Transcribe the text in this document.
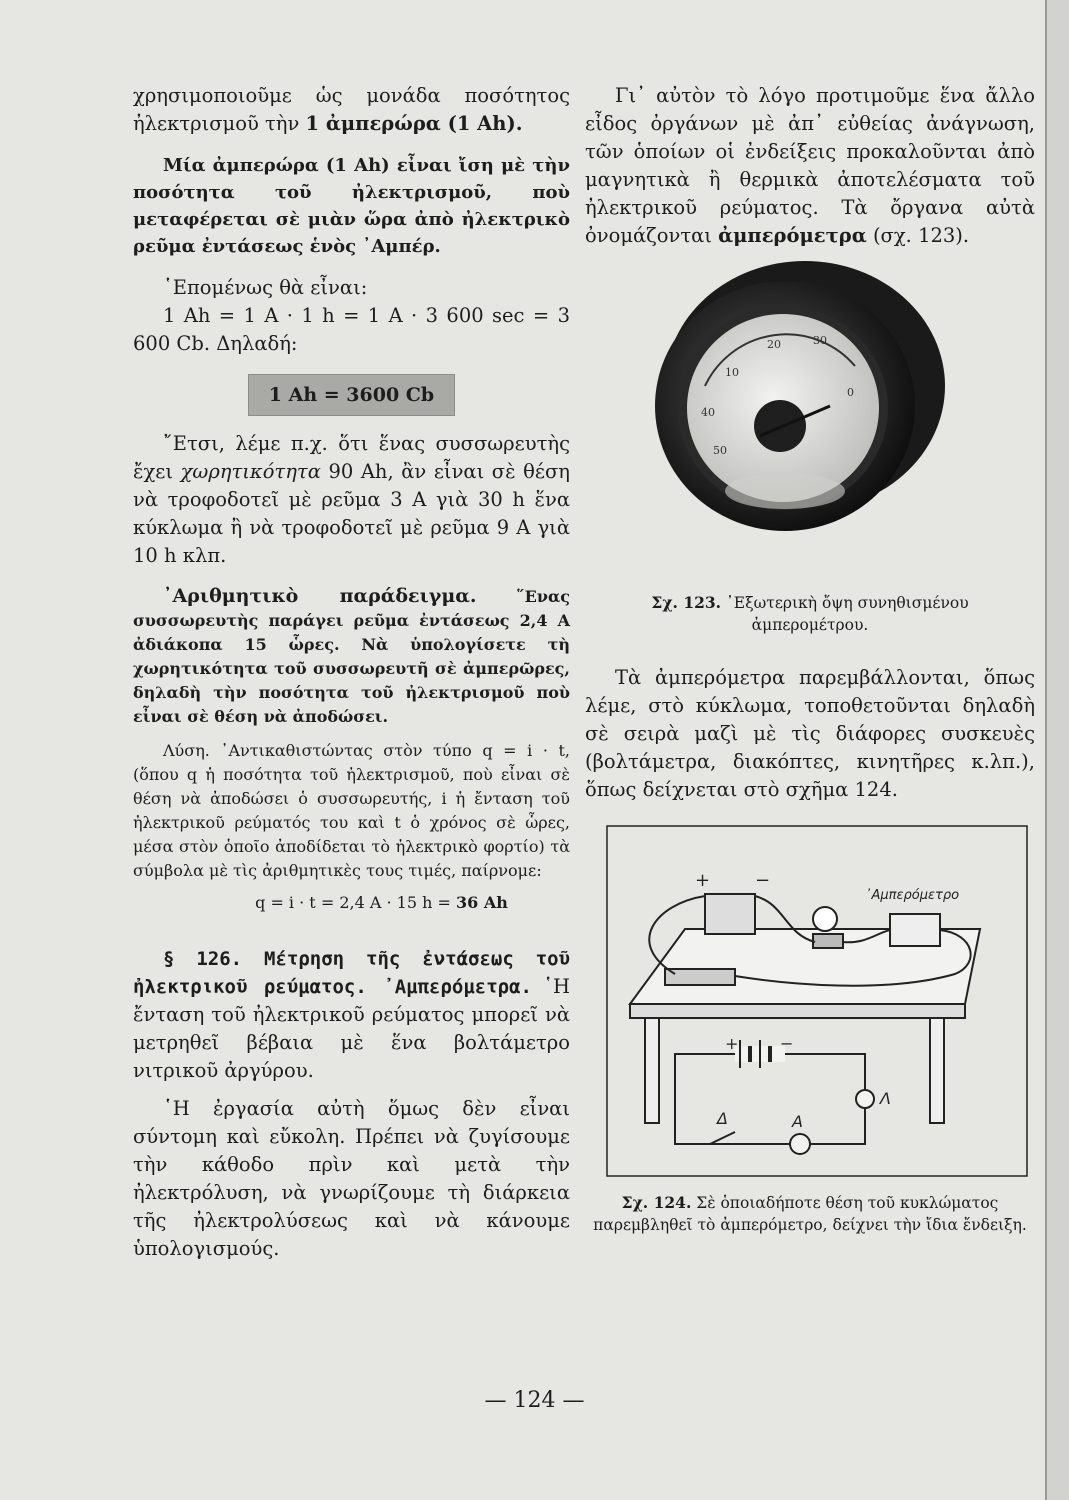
χρησιμοποιοῦμε ὡς μονάδα ποσότητος ἠλεκτρισμοῦ τὴν 1 ἀμπερώρα (1 Ah).

Μία ἀμπερώρα (1 Ah) εἶναι ἴση μὲ τὴν ποσότητα τοῦ ἠλεκτρισμοῦ, ποὺ μεταφέρεται σὲ μιὰν ὥρα ἀπὸ ἠλεκτρικὸ ρεῦμα ἐντάσεως ἑνὸς ᾿Αμπέρ.

῾Επομένως θὰ εἶναι:

1 Ah = 1 A · 1 h = 1 A · 3 600 sec = 3 600 Cb. Δηλαδή:

1 Ah = 3600 Cb

῎Ετσι, λέμε π.χ. ὅτι ἕνας συσσωρευτὴς ἔχει χωρητικότητα 90 Ah, ἂν εἶναι σὲ θέση νὰ τροφοδοτεῖ μὲ ρεῦμα 3 A γιὰ 30 h ἕνα κύκλωμα ἢ νὰ τροφοδοτεῖ μὲ ρεῦμα 9 A γιὰ 10 h κλπ.

᾿Αριθμητικὸ παράδειγμα. ῞Ενας συσσωρευτὴς παράγει ρεῦμα ἐντάσεως 2,4 A ἀδιάκοπα 15 ὧρες. Νὰ ὑπολογίσετε τὴ χωρητικότητα τοῦ συσσωρευτῆ σὲ ἀμπερῶρες, δηλαδὴ τὴν ποσότητα τοῦ ἠλεκτρισμοῦ ποὺ εἶναι σὲ θέση νὰ ἀποδώσει.

Λύση. ᾿Αντικαθιστώντας στὸν τύπο q = i · t, (ὅπου q ἡ ποσότητα τοῦ ἠλεκτρισμοῦ, ποὺ εἶναι σὲ θέση νὰ ἀποδώσει ὁ συσσωρευτής, i ἡ ἔνταση τοῦ ἠλεκτρικοῦ ρεύματός του καὶ t ὁ χρόνος σὲ ὧρες, μέσα στὸν ὁποῖο ἀποδίδεται τὸ ἠλεκτρικὸ φορτίο) τὰ σύμβολα μὲ τὶς ἀριθμητικὲς τους τιμές, παίρνομε:

q = i · t = 2,4 A · 15 h = 36 Ah

§ 126. Μέτρηση τῆς ἐντάσεως τοῦ ἠλεκτρικοῦ ρεύματος. ᾿Αμπερόμετρα. ῾Η ἔνταση τοῦ ἠλεκτρικοῦ ρεύματος μπορεῖ νὰ μετρηθεῖ βέβαια μὲ ἕνα βολτάμετρο νιτρικοῦ ἀργύρου.

῾Η ἐργασία αὐτὴ ὅμως δὲν εἶναι σύντομη καὶ εὔκολη. Πρέπει νὰ ζυγίσουμε τὴν κάθοδο πρὶν καὶ μετὰ τὴν ἠλεκτρόλυση, νὰ γνωρίζουμε τὴ διάρκεια τῆς ἠλεκτρολύσεως καὶ νὰ κάνουμε ὑπολογισμούς.

Γι᾿ αὐτὸν τὸ λόγο προτιμοῦμε ἕνα ἄλλο εἶδος ὀργάνων μὲ ἀπ᾿ εὐθείας ἀνάγνωση, τῶν ὁποίων οἱ ἐνδείξεις προκαλοῦνται ἀπὸ μαγνητικὰ ἢ θερμικὰ ἀποτελέσματα τοῦ ἠλεκτρικοῦ ρεύματος. Τὰ ὄργανα αὐτὰ ὀνομάζονται ἀμπερόμετρα (σχ. 123).

10
20	30
40
50
0

Σχ. 123. ᾿Εξωτερικὴ ὄψη συνηθισμένου ἀμπερομέτρου.

Τὰ ἀμπερόμετρα παρεμβάλλονται, ὅπως λέμε, στὸ κύκλωμα, τοποθετοῦνται δηλαδὴ σὲ σειρὰ μαζὶ μὲ τὶς διάφορες συσκευὲς (βολτάμετρα, διακόπτες, κινητῆρες κ.λπ.), ὅπως δείχνεται στὸ σχῆμα 124.

+ −
᾿Αμπερόμετρο
+	−
Λ
A
Δ

Σχ. 124. Σὲ ὁποιαδήποτε θέση τοῦ κυκλώματος παρεμβληθεῖ τὸ ἀμπερόμετρο, δείχνει τὴν ἴδια ἔνδειξη.

— 124 —
